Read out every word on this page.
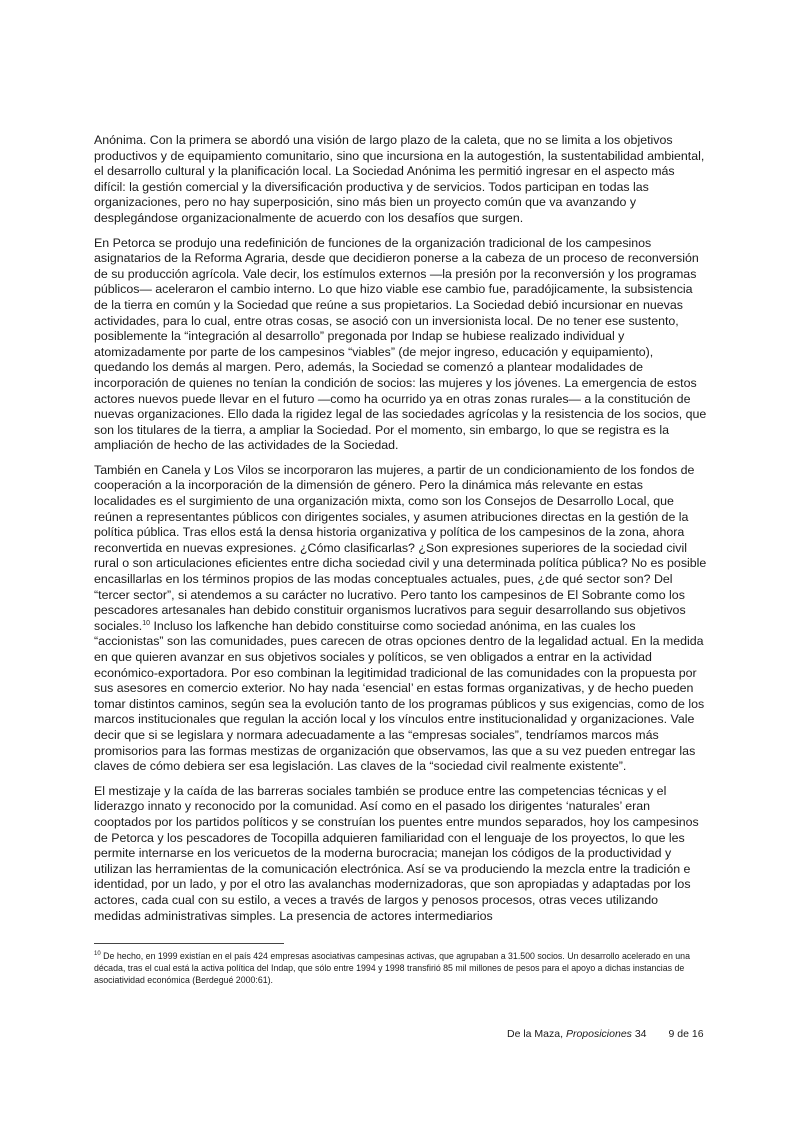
Anónima. Con la primera se abordó una visión de largo plazo de la caleta, que no se limita a los objetivos productivos y de equipamiento comunitario, sino que incursiona en la autogestión, la sustentabilidad ambiental, el desarrollo cultural y la planificación local. La Sociedad Anónima les permitió ingresar en el aspecto más difícil: la gestión comercial y la diversificación productiva y de servicios. Todos participan en todas las organizaciones, pero no hay superposición, sino más bien un proyecto común que va avanzando y desplegándose organizacionalmente de acuerdo con los desafíos que surgen.

En Petorca se produjo una redefinición de funciones de la organización tradicional de los campesinos asignatarios de la Reforma Agraria, desde que decidieron ponerse a la cabeza de un proceso de reconversión de su producción agrícola. Vale decir, los estímulos externos —la presión por la reconversión y los programas públicos— aceleraron el cambio interno. Lo que hizo viable ese cambio fue, paradójicamente, la subsistencia de la tierra en común y la Sociedad que reúne a sus propietarios. La Sociedad debió incursionar en nuevas actividades, para lo cual, entre otras cosas, se asoció con un inversionista local. De no tener ese sustento, posiblemente la “integración al desarrollo” pregonada por Indap se hubiese realizado individual y atomizadamente por parte de los campesinos “viables” (de mejor ingreso, educación y equipamiento), quedando los demás al margen. Pero, además, la Sociedad se comenzó a plantear modalidades de incorporación de quienes no tenían la condición de socios: las mujeres y los jóvenes. La emergencia de estos actores nuevos puede llevar en el futuro —como ha ocurrido ya en otras zonas rurales— a la constitución de nuevas organizaciones. Ello dada la rigidez legal de las sociedades agrícolas y la resistencia de los socios, que son los titulares de la tierra, a ampliar la Sociedad. Por el momento, sin embargo, lo que se registra es la ampliación de hecho de las actividades de la Sociedad.

También en Canela y Los Vilos se incorporaron las mujeres, a partir de un condicionamiento de los fondos de cooperación a la incorporación de la dimensión de género. Pero la dinámica más relevante en estas localidades es el surgimiento de una organización mixta, como son los Consejos de Desarrollo Local, que reúnen a representantes públicos con dirigentes sociales, y asumen atribuciones directas en la gestión de la política pública. Tras ellos está la densa historia organizativa y política de los campesinos de la zona, ahora reconvertida en nuevas expresiones. ¿Cómo clasificarlas? ¿Son expresiones superiores de la sociedad civil rural o son articulaciones eficientes entre dicha sociedad civil y una determinada política pública? No es posible encasillarlas en los términos propios de las modas conceptuales actuales, pues, ¿de qué sector son? Del “tercer sector”, si atendemos a su carácter no lucrativo. Pero tanto los campesinos de El Sobrante como los pescadores artesanales han debido constituir organismos lucrativos para seguir desarrollando sus objetivos sociales.$^{10}$ Incluso los lafkenche han debido constituirse como sociedad anónima, en las cuales los “accionistas” son las comunidades, pues carecen de otras opciones dentro de la legalidad actual. En la medida en que quieren avanzar en sus objetivos sociales y políticos, se ven obligados a entrar en la actividad económico-exportadora. Por eso combinan la legitimidad tradicional de las comunidades con la propuesta por sus asesores en comercio exterior. No hay nada ‘esencial’ en estas formas organizativas, y de hecho pueden tomar distintos caminos, según sea la evolución tanto de los programas públicos y sus exigencias, como de los marcos institucionales que regulan la acción local y los vínculos entre institucionalidad y organizaciones. Vale decir que si se legislara y normara adecuadamente a las “empresas sociales”, tendríamos marcos más promisorios para las formas mestizas de organización que observamos, las que a su vez pueden entregar las claves de cómo debiera ser esa legislación. Las claves de la “sociedad civil realmente existente”.

El mestizaje y la caída de las barreras sociales también se produce entre las competencias técnicas y el liderazgo innato y reconocido por la comunidad. Así como en el pasado los dirigentes ‘naturales’ eran cooptados por los partidos políticos y se construían los puentes entre mundos separados, hoy los campesinos de Petorca y los pescadores de Tocopilla adquieren familiaridad con el lenguaje de los proyectos, lo que les permite internarse en los vericuetos de la moderna burocracia; manejan los códigos de la productividad y utilizan las herramientas de la comunicación electrónica. Así se va produciendo la mezcla entre la tradición e identidad, por un lado, y por el otro las avalanchas modernizadoras, que son apropiadas y adaptadas por los actores, cada cual con su estilo, a veces a través de largos y penosos procesos, otras veces utilizando medidas administrativas simples. La presencia de actores intermediarios

$^{10}$ De hecho, en 1999 existían en el país 424 empresas asociativas campesinas activas, que agrupaban a 31.500 socios. Un desarrollo acelerado en una década, tras el cual está la activa política del Indap, que sólo entre 1994 y 1998 transfirió 85 mil millones de pesos para el apoyo a dichas instancias de asociatividad económica (Berdegué 2000:61).

De la Maza, Proposiciones 34 9 de 16
